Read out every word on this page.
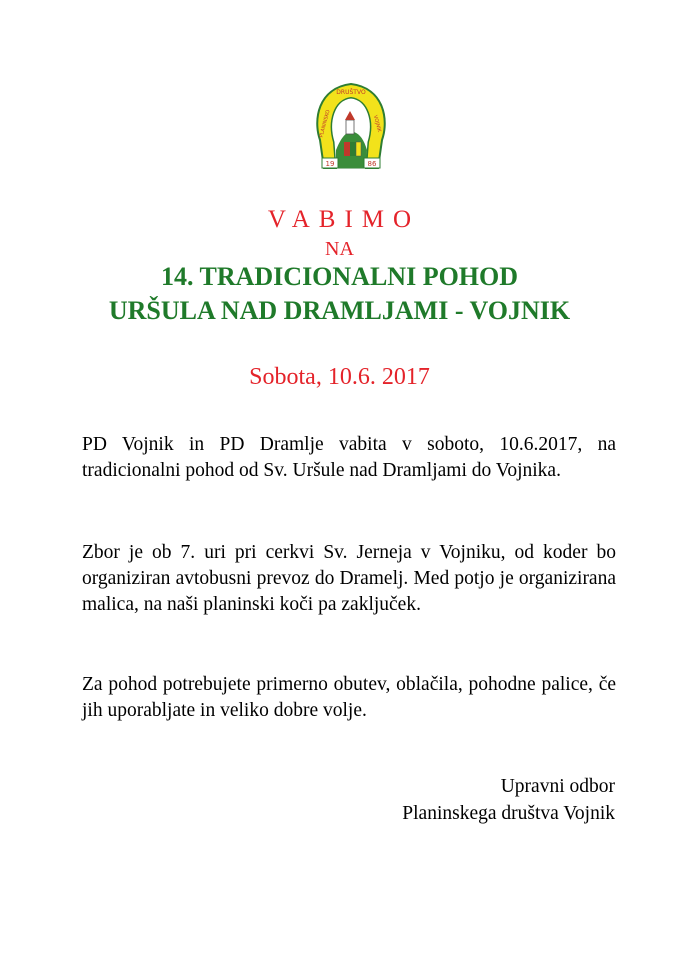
19	86
DRUŠTVO
PLANINSKO	VOJNIK
VABIMO
NA
14. TRADICIONALNI POHOD
URŠULA NAD DRAMLJAMI - VOJNIK
Sobota, 10.6. 2017

PD Vojnik in PD Dramlje vabita v soboto, 10.6.2017, na tradicionalni pohod od Sv. Uršule nad Dramljami do Vojnika.

Zbor je ob 7. uri pri cerkvi Sv. Jerneja v Vojniku, od koder bo organiziran avtobusni prevoz do Dramelj. Med potjo je organizirana malica, na naši planinski koči pa zaključek.

Za pohod potrebujete primerno obutev, oblačila, pohodne palice, če jih uporabljate in veliko dobre volje.

Upravni odbor
Planinskega društva Vojnik
